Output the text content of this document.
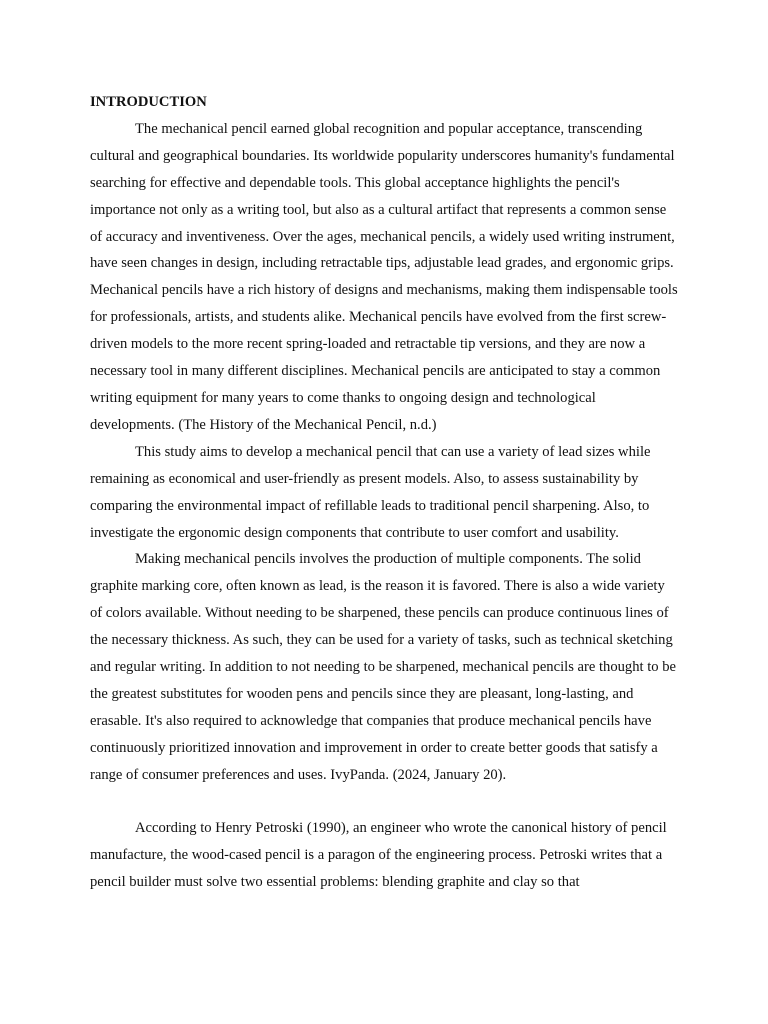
INTRODUCTION

The mechanical pencil earned global recognition and popular acceptance, transcending cultural and geographical boundaries. Its worldwide popularity underscores humanity's fundamental searching for effective and dependable tools. This global acceptance highlights the pencil's importance not only as a writing tool, but also as a cultural artifact that represents a common sense of accuracy and inventiveness. Over the ages, mechanical pencils, a widely used writing instrument, have seen changes in design, including retractable tips, adjustable lead grades, and ergonomic grips. Mechanical pencils have a rich history of designs and mechanisms, making them indispensable tools for professionals, artists, and students alike. Mechanical pencils have evolved from the first screw-driven models to the more recent spring-loaded and retractable tip versions, and they are now a necessary tool in many different disciplines. Mechanical pencils are anticipated to stay a common writing equipment for many years to come thanks to ongoing design and technological developments. (The History of the Mechanical Pencil, n.d.)

This study aims to develop a mechanical pencil that can use a variety of lead sizes while remaining as economical and user-friendly as present models. Also, to assess sustainability by comparing the environmental impact of refillable leads to traditional pencil sharpening. Also, to investigate the ergonomic design components that contribute to user comfort and usability.

Making mechanical pencils involves the production of multiple components. The solid graphite marking core, often known as lead, is the reason it is favored. There is also a wide variety of colors available. Without needing to be sharpened, these pencils can produce continuous lines of the necessary thickness. As such, they can be used for a variety of tasks, such as technical sketching and regular writing. In addition to not needing to be sharpened, mechanical pencils are thought to be the greatest substitutes for wooden pens and pencils since they are pleasant, long-lasting, and erasable. It's also required to acknowledge that companies that produce mechanical pencils have continuously prioritized innovation and improvement in order to create better goods that satisfy a range of consumer preferences and uses. IvyPanda. (2024, January 20).

According to Henry Petroski (1990), an engineer who wrote the canonical history of pencil manufacture, the wood-cased pencil is a paragon of the engineering process. Petroski writes that a pencil builder must solve two essential problems: blending graphite and clay so that
